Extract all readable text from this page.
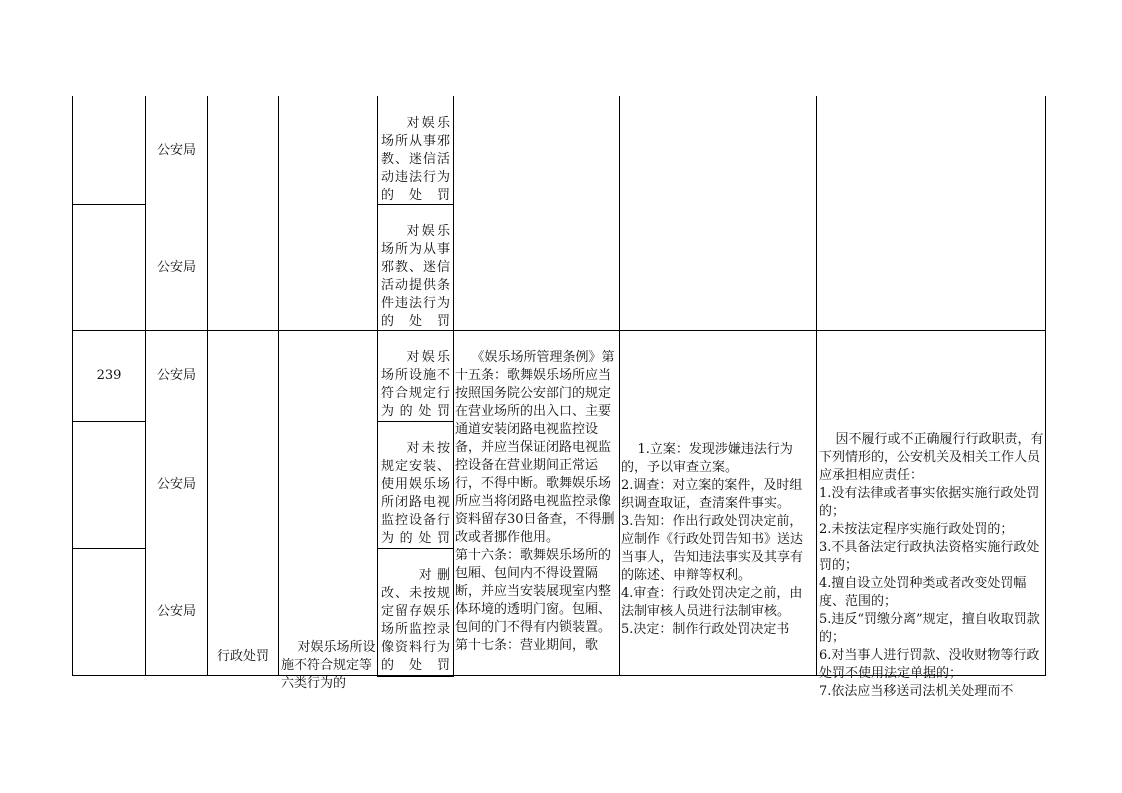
公安局

对娱乐场所从事邪教、迷信活动违法行为的处罚

公安局

对娱乐场所为从事邪教、迷信活动提供条件违法行为的处罚

239	公安局

对娱乐场所设施不符合规定行为的处罚

公安局

对未按规定安装、使用娱乐场所闭路电视监控设备行为的处罚

公安局

对删改、未按规定留存娱乐场所监控录像资料行为的处罚

行政处罚

对娱乐场所设施不符合规定等六类行为的

《娱乐场所管理条例》第十五条：歌舞娱乐场所应当按照国务院公安部门的规定在营业场所的出入口、主要通道安装闭路电视监控设备，并应当保证闭路电视监控设备在营业期间正常运行，不得中断。歌舞娱乐场所应当将闭路电视监控录像资料留存30日备查，不得删改或者挪作他用。
第十六条：歌舞娱乐场所的包厢、包间内不得设置隔断，并应当安装展现室内整体环境的透明门窗。包厢、包间的门不得有内锁装置。
第十七条：营业期间，歌

1.立案：发现涉嫌违法行为的，予以审查立案。
2.调查：对立案的案件，及时组织调查取证，查清案件事实。
3.告知：作出行政处罚决定前，应制作《行政处罚告知书》送达当事人，告知违法事实及其享有的陈述、申辩等权利。
4.审查：行政处罚决定之前，由法制审核人员进行法制审核。
5.决定：制作行政处罚决定书

因不履行或不正确履行行政职责，有下列情形的，公安机关及相关工作人员应承担相应责任：
1.没有法律或者事实依据实施行政处罚的；
2.未按法定程序实施行政处罚的；
3.不具备法定行政执法资格实施行政处罚的；
4.擅自设立处罚种类或者改变处罚幅度、范围的；
5.违反“罚缴分离”规定，擅自收取罚款的；
6.对当事人进行罚款、没收财物等行政处罚不使用法定单据的；
7.依法应当移送司法机关处理而不
